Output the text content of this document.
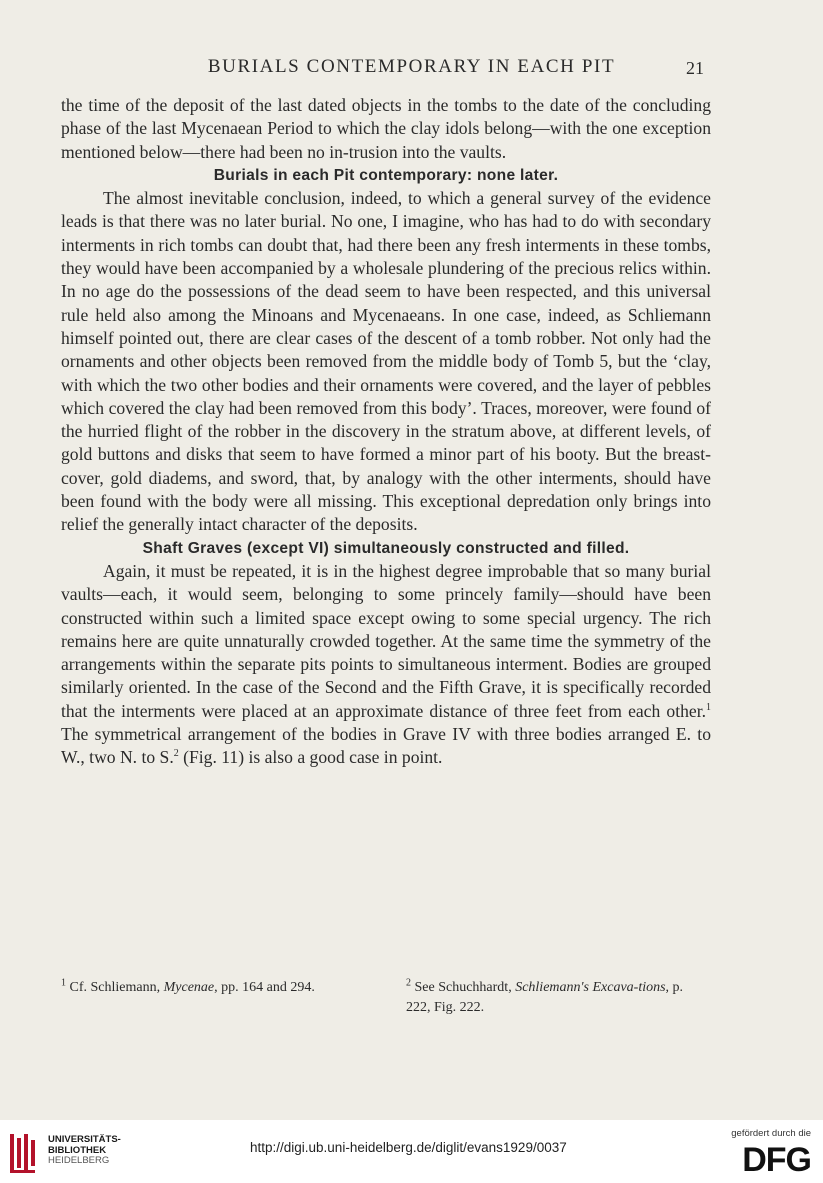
BURIALS CONTEMPORARY IN EACH PIT	21

the time of the deposit of the last dated objects in the tombs to the date of the concluding phase of the last Mycenaean Period to which the clay idols belong—with the one exception mentioned below—there had been no in-trusion into the vaults.

Burials in each Pit contemporary: none later.

The almost inevitable conclusion, indeed, to which a general survey of the evidence leads is that there was no later burial. No one, I imagine, who has had to do with secondary interments in rich tombs can doubt that, had there been any fresh interments in these tombs, they would have been accompanied by a wholesale plundering of the precious relics within. In no age do the possessions of the dead seem to have been respected, and this universal rule held also among the Minoans and Mycenaeans. In one case, indeed, as Schliemann himself pointed out, there are clear cases of the descent of a tomb robber. Not only had the ornaments and other objects been removed from the middle body of Tomb 5, but the ‘clay, with which the two other bodies and their ornaments were covered, and the layer of pebbles which covered the clay had been removed from this body’. Traces, moreover, were found of the hurried flight of the robber in the discovery in the stratum above, at different levels, of gold buttons and disks that seem to have formed a minor part of his booty. But the breast-cover, gold diadems, and sword, that, by analogy with the other interments, should have been found with the body were all missing. This exceptional depredation only brings into relief the generally intact character of the deposits.

Shaft Graves (except VI) simultaneously constructed and filled.

Again, it must be repeated, it is in the highest degree improbable that so many burial vaults—each, it would seem, belonging to some princely family—should have been constructed within such a limited space except owing to some special urgency. The rich remains here are quite unnaturally crowded together. At the same time the symmetry of the arrangements within the separate pits points to simultaneous interment. Bodies are grouped similarly oriented. In the case of the Second and the Fifth Grave, it is specifically recorded that the interments were placed at an approximate distance of three feet from each other.$^1$ The symmetrical arrangement of the bodies in Grave IV with three bodies arranged E. to W., two N. to S.$^2$ (Fig. 11) is also a good case in point.

$^1$ Cf. Schliemann, Mycenae, pp. 164 and 294.	$^2$ See Schuchhardt, Schliemann's Excava-tions, p. 222, Fig. 222.
UNIVERSITÄTS-
BIBLIOTHEK
HEIDELBERG
http://digi.ub.uni-heidelberg.de/diglit/evans1929/0037
gefördert durch die
DFG
